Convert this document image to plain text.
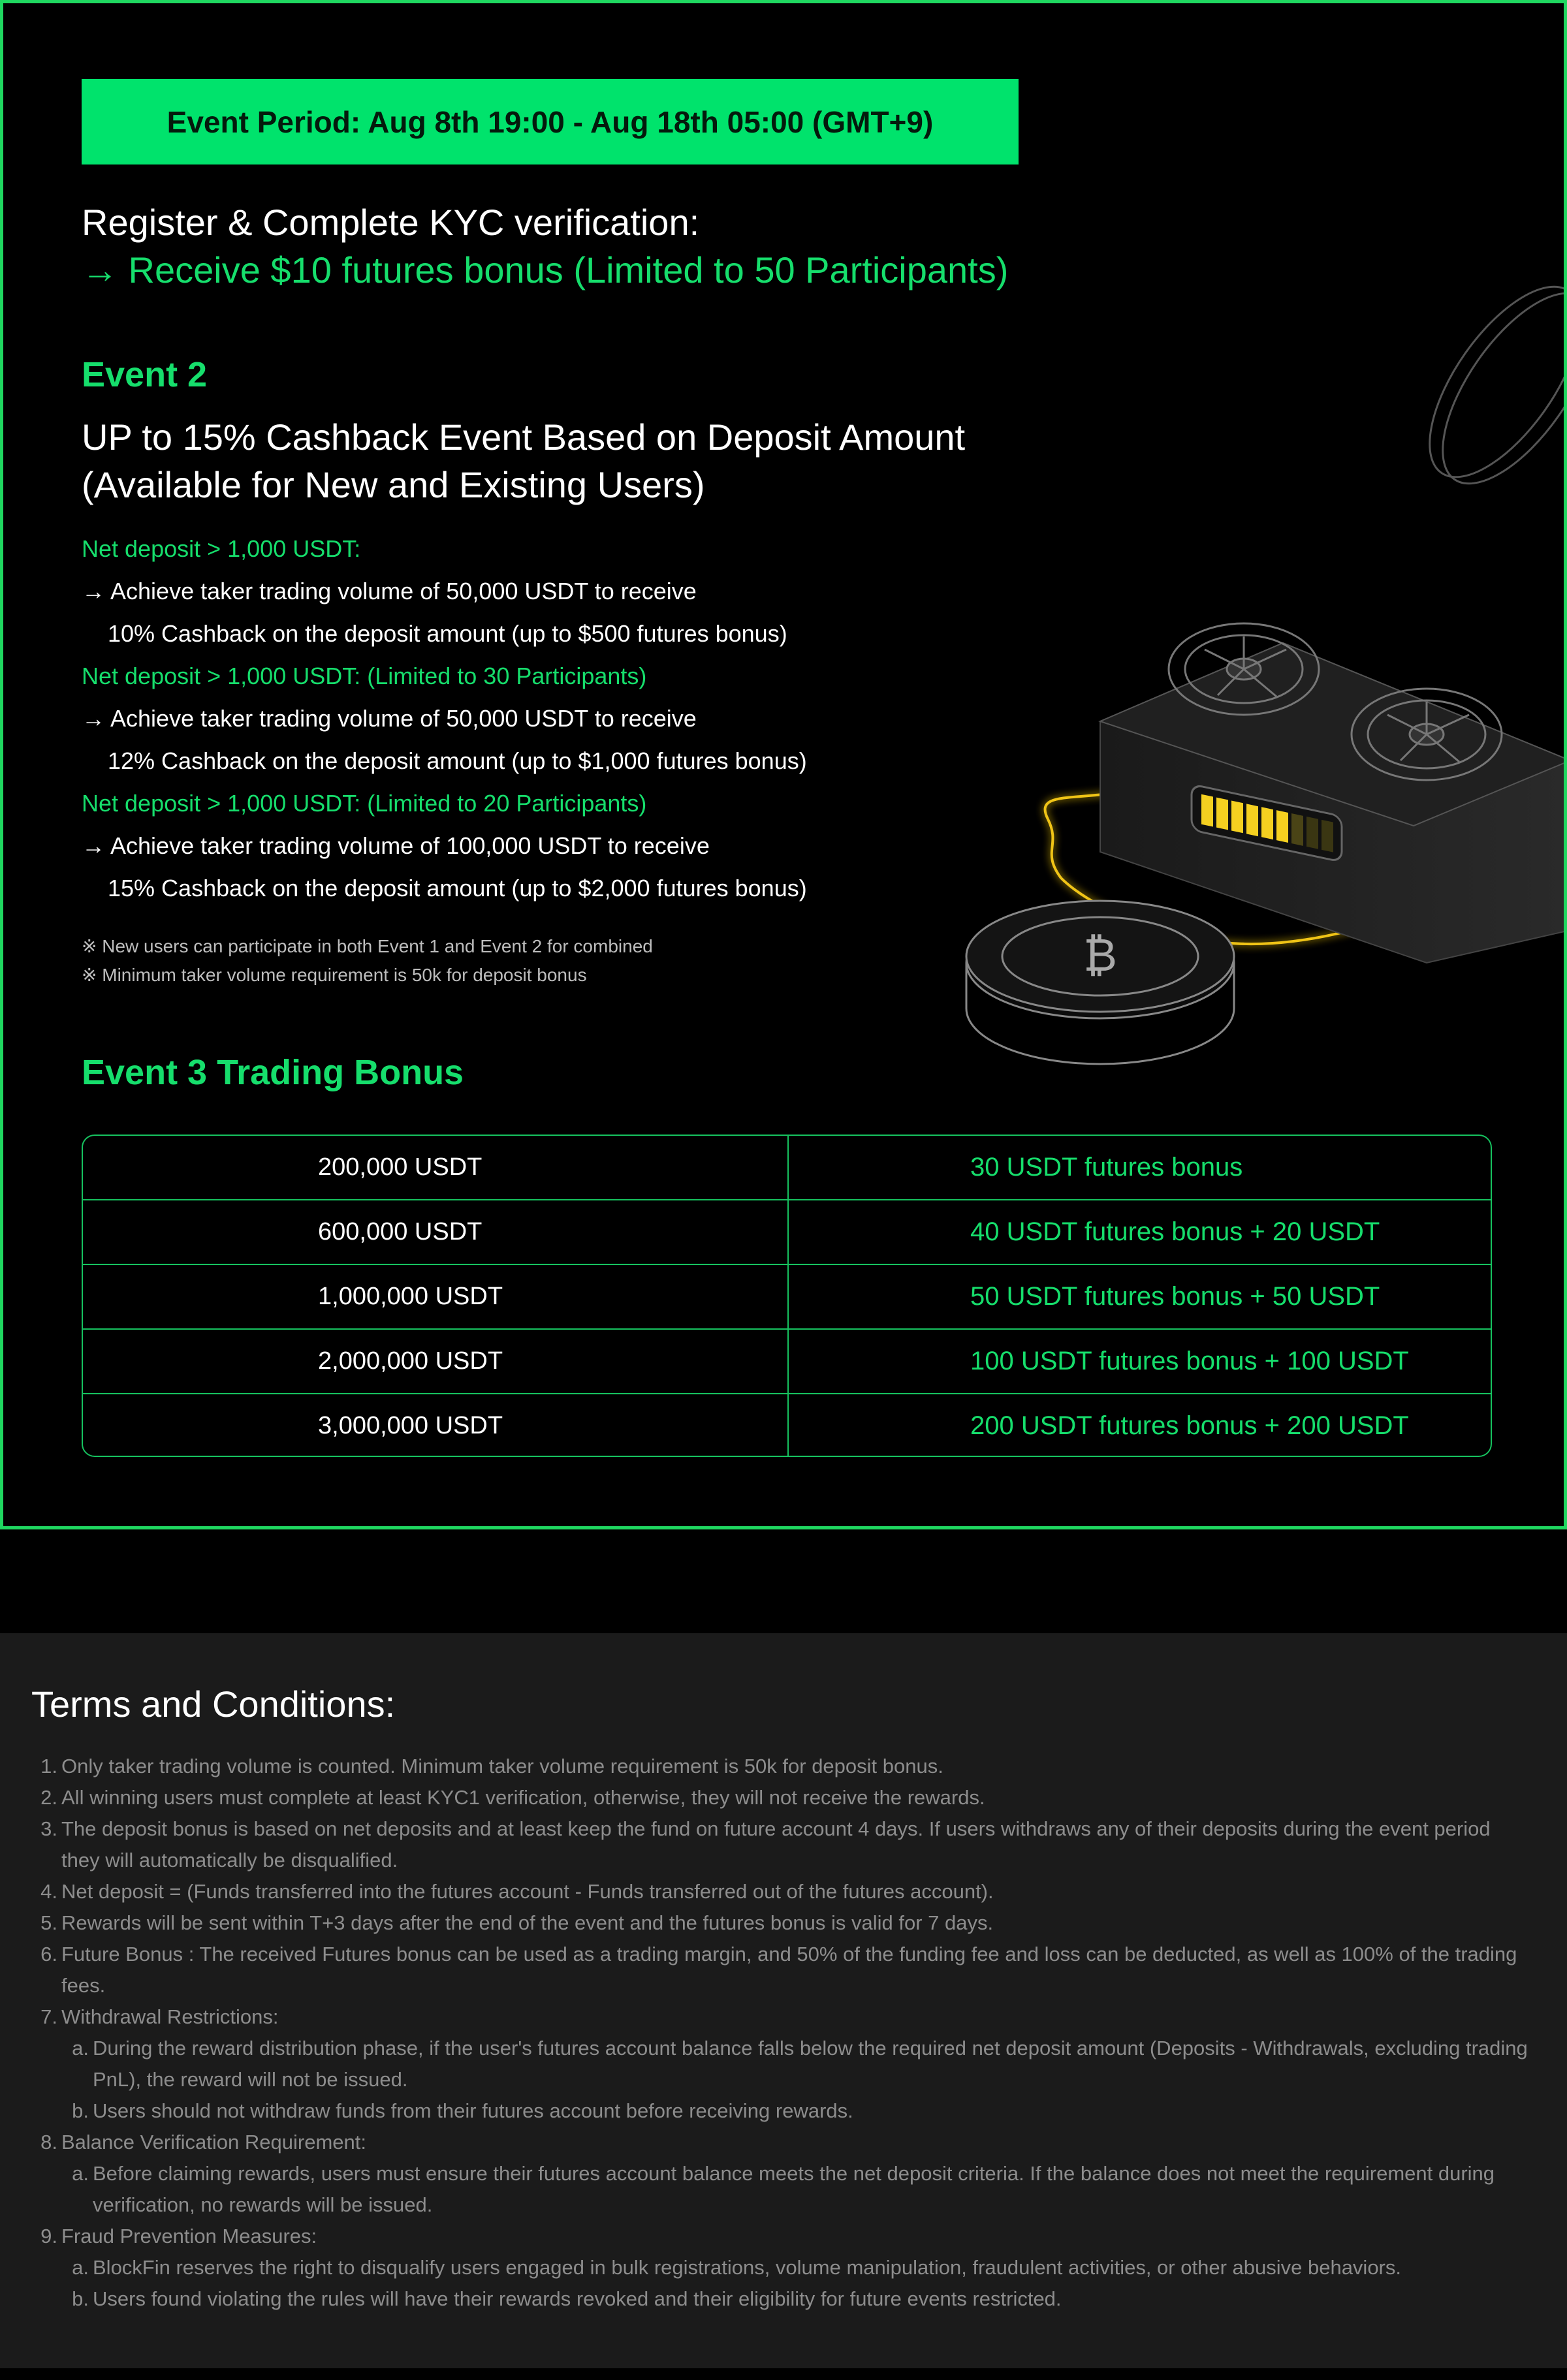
Event Period: Aug 8th 19:00 - Aug 18th 05:00 (GMT+9)
Register & Complete KYC verification:
→ Receive $10 futures bonus (Limited to 50 Participants)
Event 2
UP to 15% Cashback Event Based on Deposit Amount
(Available for New and Existing Users)
Net deposit > 1,000 USDT:
→ Achieve taker trading volume of 50,000 USDT to receive
10% Cashback on the deposit amount (up to $500 futures bonus)
Net deposit > 1,000 USDT: (Limited to 30 Participants)
→ Achieve taker trading volume of 50,000 USDT to receive
12% Cashback on the deposit amount (up to $1,000 futures bonus)
Net deposit > 1,000 USDT: (Limited to 20 Participants)
→ Achieve taker trading volume of 100,000 USDT to receive
15% Cashback on the deposit amount (up to $2,000 futures bonus)
※ New users can participate in both Event 1 and Event 2 for combined
※ Minimum taker volume requirement is 50k for deposit bonus	₿
Event 3 Trading Bonus
200,000 USDT	30 USDT futures bonus
600,000 USDT	40 USDT futures bonus + 20 USDT
1,000,000 USDT	50 USDT futures bonus + 50 USDT
2,000,000 USDT	100 USDT futures bonus + 100 USDT
3,000,000 USDT	200 USDT futures bonus + 200 USDT
Terms and Conditions:
1. Only taker trading volume is counted. Minimum taker volume requirement is 50k for deposit bonus.
2. All winning users must complete at least KYC1 verification, otherwise, they will not receive the rewards.
3. The deposit bonus is based on net deposits and at least keep the fund on future account 4 days. If users withdraws any of their deposits during the event period they will automatically be disqualified.
4. Net deposit = (Funds transferred into the futures account - Funds transferred out of the futures account).
5. Rewards will be sent within T+3 days after the end of the event and the futures bonus is valid for 7 days.
6. Future Bonus : The received Futures bonus can be used as a trading margin, and 50% of the funding fee and loss can be deducted, as well as 100% of the trading fees.
7. Withdrawal Restrictions:
a. During the reward distribution phase, if the user's futures account balance falls below the required net deposit amount (Deposits - Withdrawals, excluding trading PnL), the reward will not be issued.
b. Users should not withdraw funds from their futures account before receiving rewards.
8. Balance Verification Requirement:
a. Before claiming rewards, users must ensure their futures account balance meets the net deposit criteria. If the balance does not meet the requirement during verification, no rewards will be issued.
9. Fraud Prevention Measures:
a. BlockFin reserves the right to disqualify users engaged in bulk registrations, volume manipulation, fraudulent activities, or other abusive behaviors.
b. Users found violating the rules will have their rewards revoked and their eligibility for future events restricted.
